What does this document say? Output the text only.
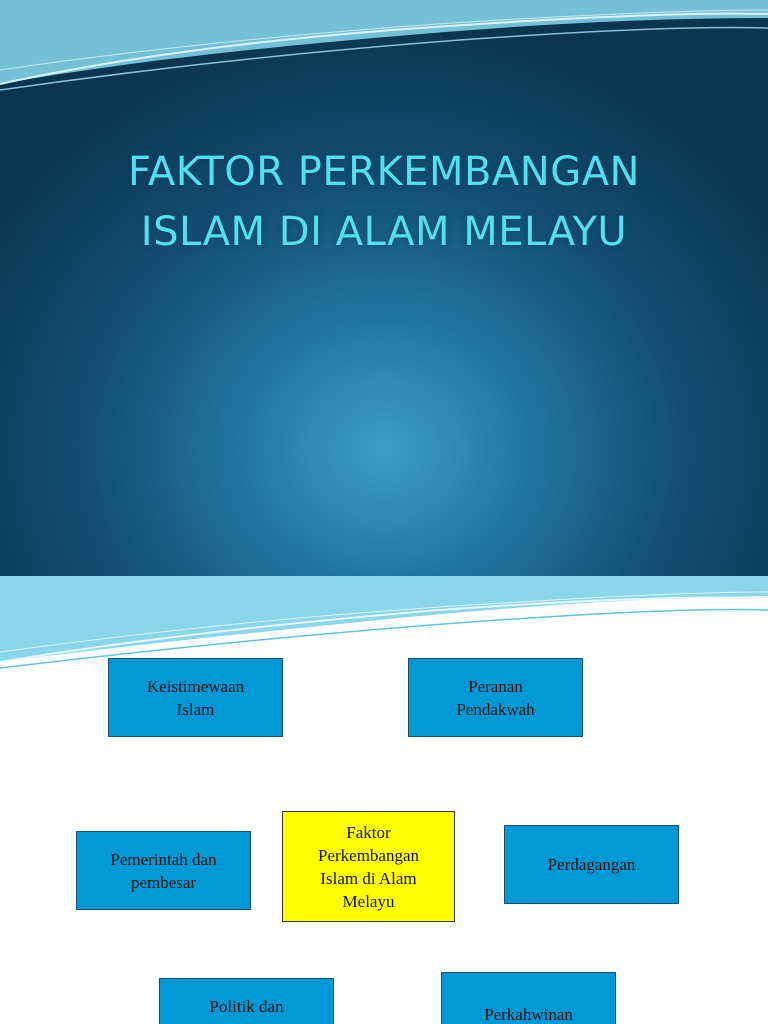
FAKTOR PERKEMBANGAN
ISLAM DI ALAM MELAYU
Keistimewaan
Islam
Peranan
Pendakwah
Faktor
Perkembangan
Islam di Alam
Melayu
Pemerintah dan
pembesar
Perdagangan
Politik dan	Perkahwinan
